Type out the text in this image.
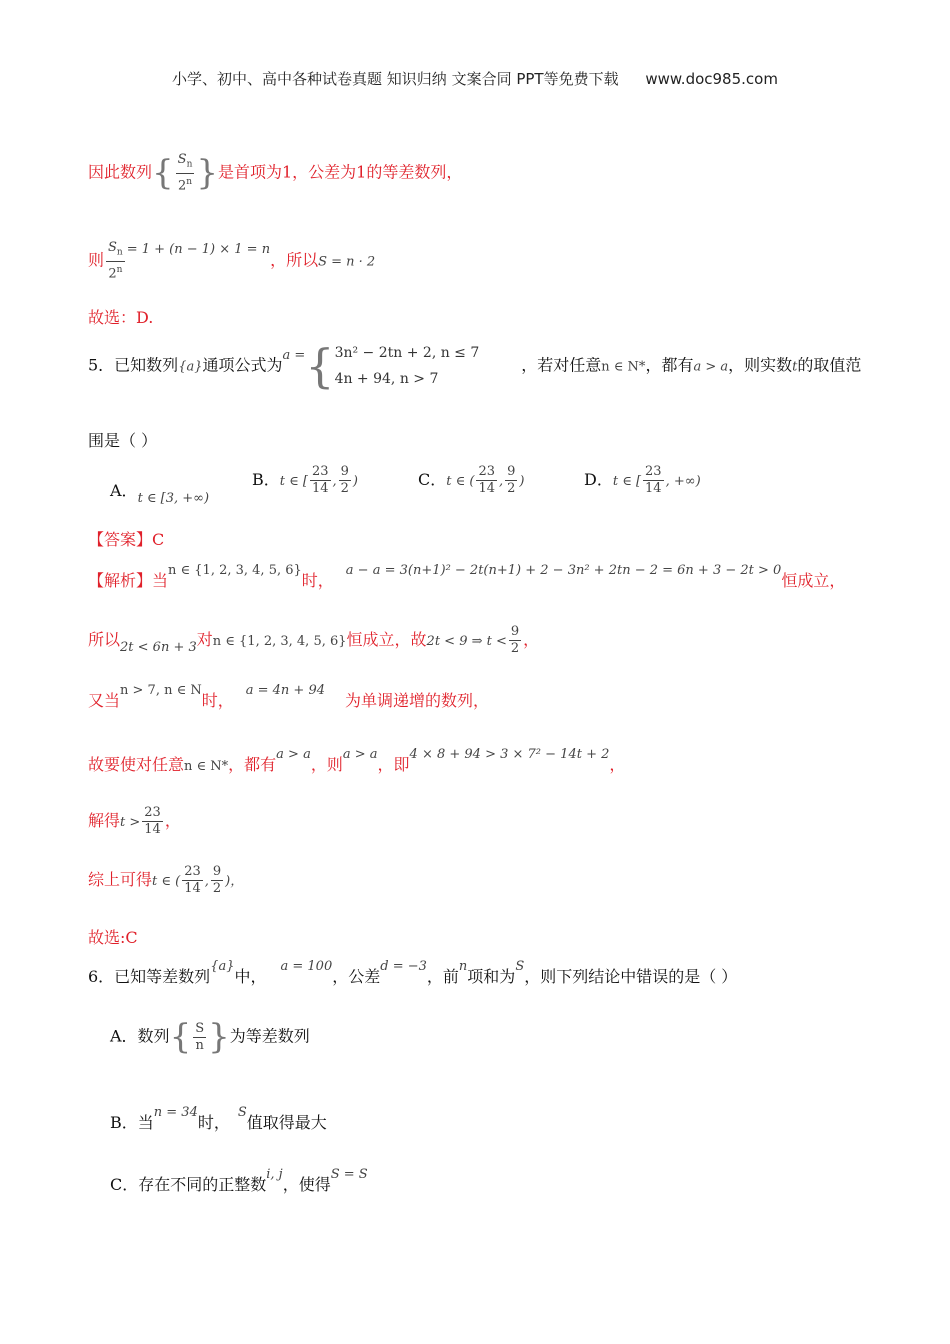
小学、初中、高中各种试卷真题 知识归纳 文案合同 PPT等免费下载 www.doc985.com
因此数列{ $\frac{S_n}{2^n}$ }是首项为1，公差为1的等差数列，
则 $\frac{S_n}{2^n} ^{= 1 + (n - 1) \times 1 = n}$，所以S = n · 2
故选：D.
5．已知数列{a}通项公式为$^{a =}${ 3n² − 2tn + 2, n ≤ 7
4n + 94, n > 7
，若对任意n ∈ N*，都有a > a，则实数t的取值范
围是（ ）
A．$_{t \in [3, +\infty)}$
B．t ∈ [ $\frac{23}{14}$ , $\frac{9}{2}$ )	C．t ∈ ( $\frac{23}{14}$ , $\frac{9}{2}$ )	D．t ∈ [ $\frac{23}{14}$ , +∞)
【答案】C
【解析】当$^{n \in \{1, 2, 3, 4, 5, 6\}}$时，$^{a - a = 3(n+1)^2 - 2t(n+1) + 2 - 3n^2 + 2tn - 2 = 6n + 3 - 2t > 0}$恒成立，
所以$_{2t < 6n + 3}$对n ∈ {1, 2, 3, 4, 5, 6}恒成立，故2t < 9 ⇒ $t < \frac{9}{2}$ ，
又当$^{n > 7, n \in N}$时，$^{a = 4n + 94}$为单调递增的数列，
故要使对任意n ∈ N*，都有$^{a > a}$，则$^{a > a}$，即$^{4 \times 8 + 94 > 3 \times 7^2 - 14t + 2}$，
解得$t > \frac{23}{14}$ ，
综上可得t ∈ ( $\frac{23}{14}$ , $\frac{9}{2}$ )，
故选:C
6．已知等差数列$^{\{a\}}$中，$^{a = 100}$，公差$^{d = -3}$，前$^n$项和为$^S$，则下列结论中错误的是（ ）
A．数列{ $\frac{S}{n}$ }为等差数列
B．当$^{n = 34}$时，$^S$值取得最大
C．存在不同的正整数$^{i, j}$，使得$^{S = S}$
